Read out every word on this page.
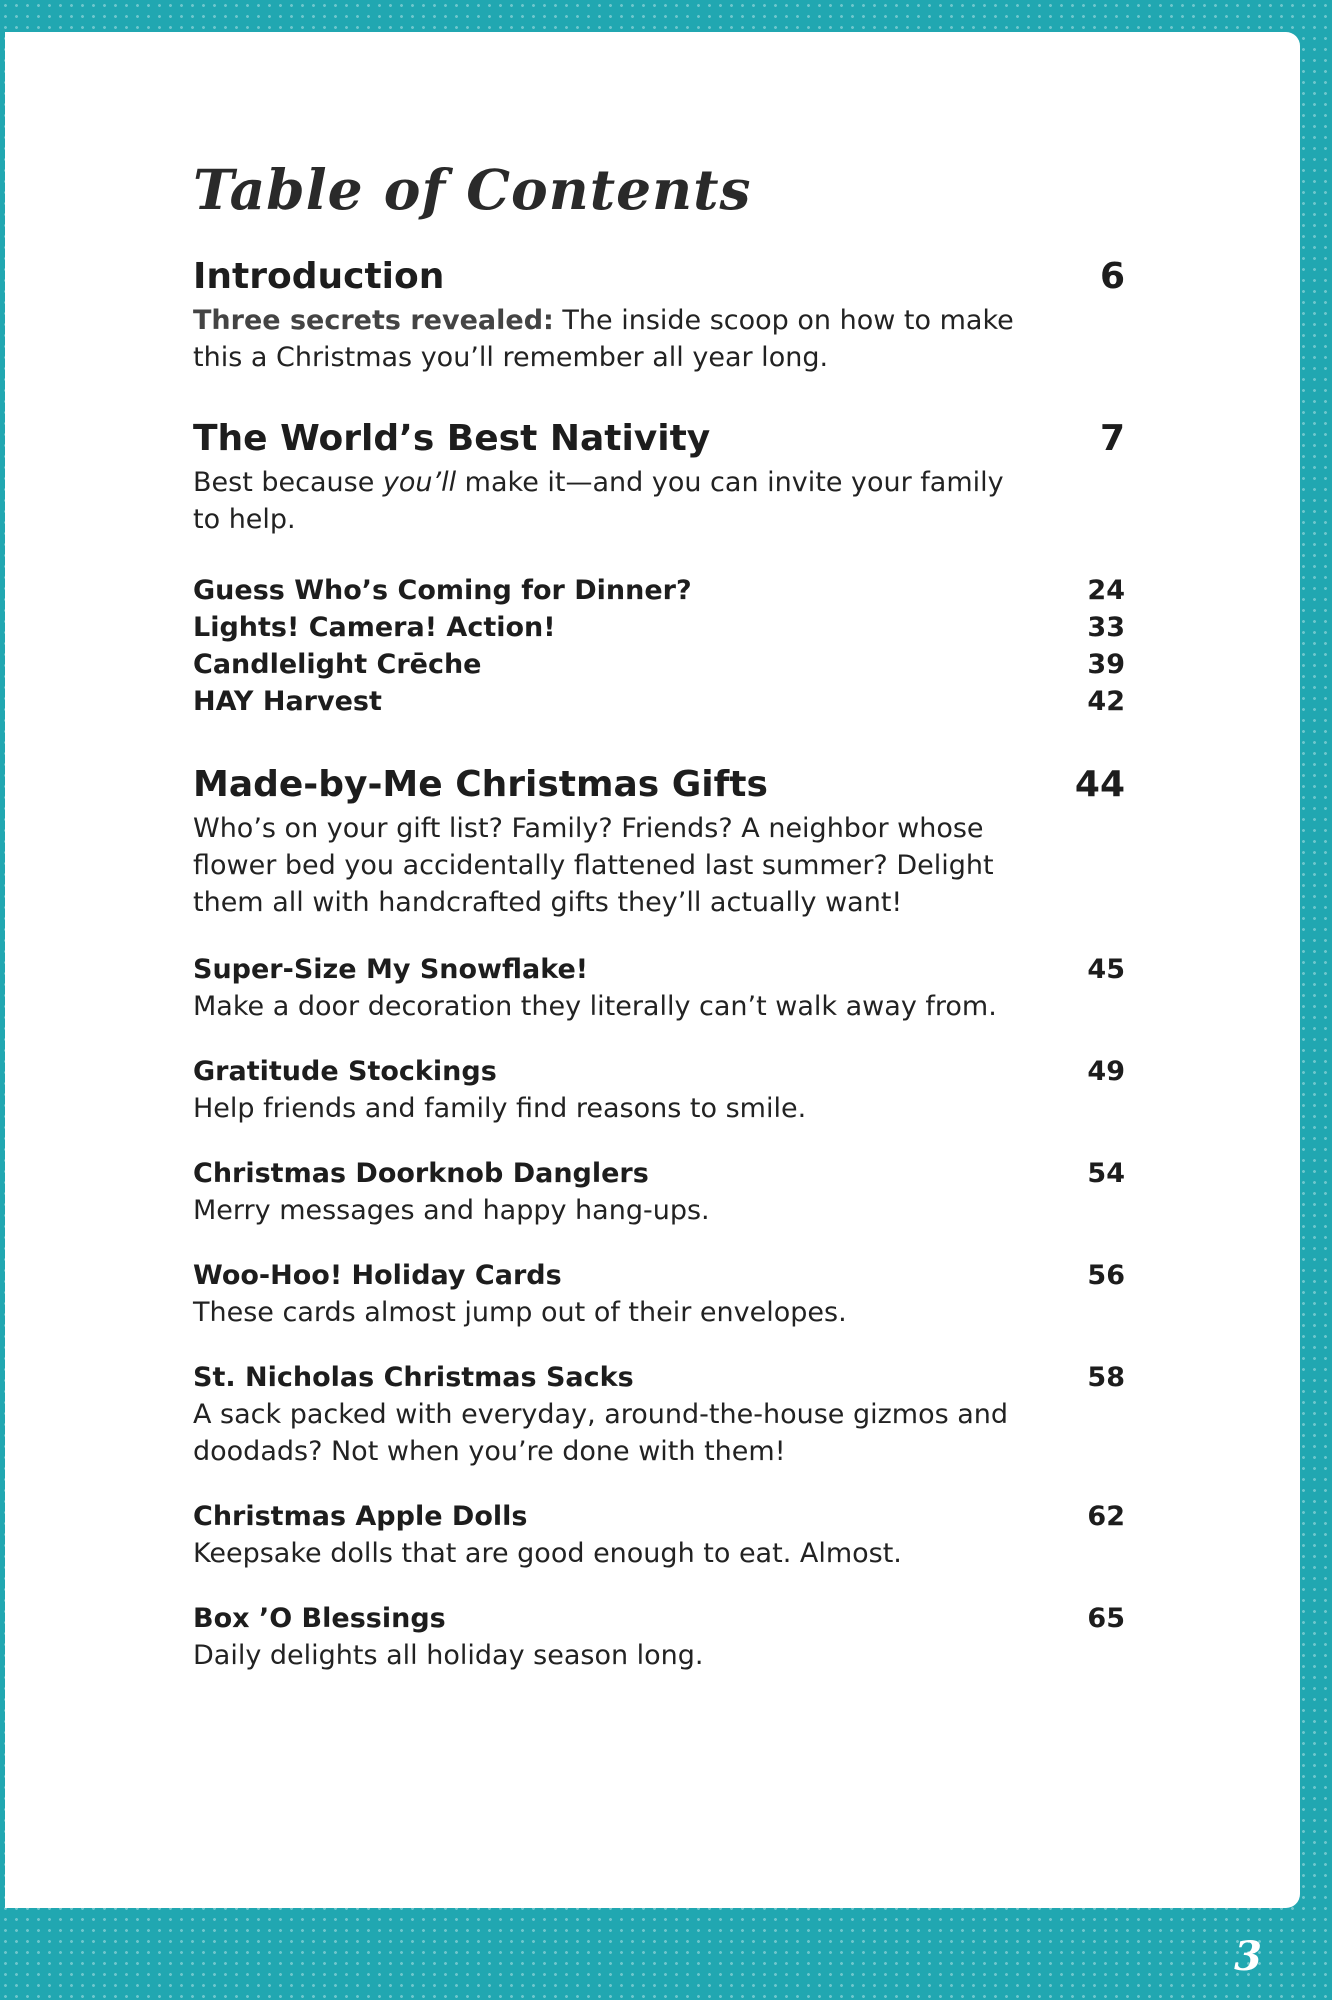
Table of Contents
Introduction	6
Three secrets revealed: The inside scoop on how to make this a Christmas you’ll remember all year long.
The World’s Best Nativity	7
Best because you’ll make it—and you can invite your family to help.
Guess Who’s Coming for Dinner?	24
Lights! Camera! Action!	33
Candlelight Crēche	39
HAY Harvest	42
Made-by-Me Christmas Gifts	44
Who’s on your gift list? Family? Friends? A neighbor whose flower bed you accidentally flattened last summer? Delight them all with handcrafted gifts they’ll actually want!
Super-Size My Snowflake!	45
Make a door decoration they literally can’t walk away from.
Gratitude Stockings	49
Help friends and family find reasons to smile.
Christmas Doorknob Danglers	54
Merry messages and happy hang-ups.
Woo-Hoo! Holiday Cards	56
These cards almost jump out of their envelopes.
St. Nicholas Christmas Sacks	58
A sack packed with everyday, around-the-house gizmos and doodads? Not when you’re done with them!
Christmas Apple Dolls	62
Keepsake dolls that are good enough to eat. Almost.
Box ’O Blessings	65
Daily delights all holiday season long.
3
